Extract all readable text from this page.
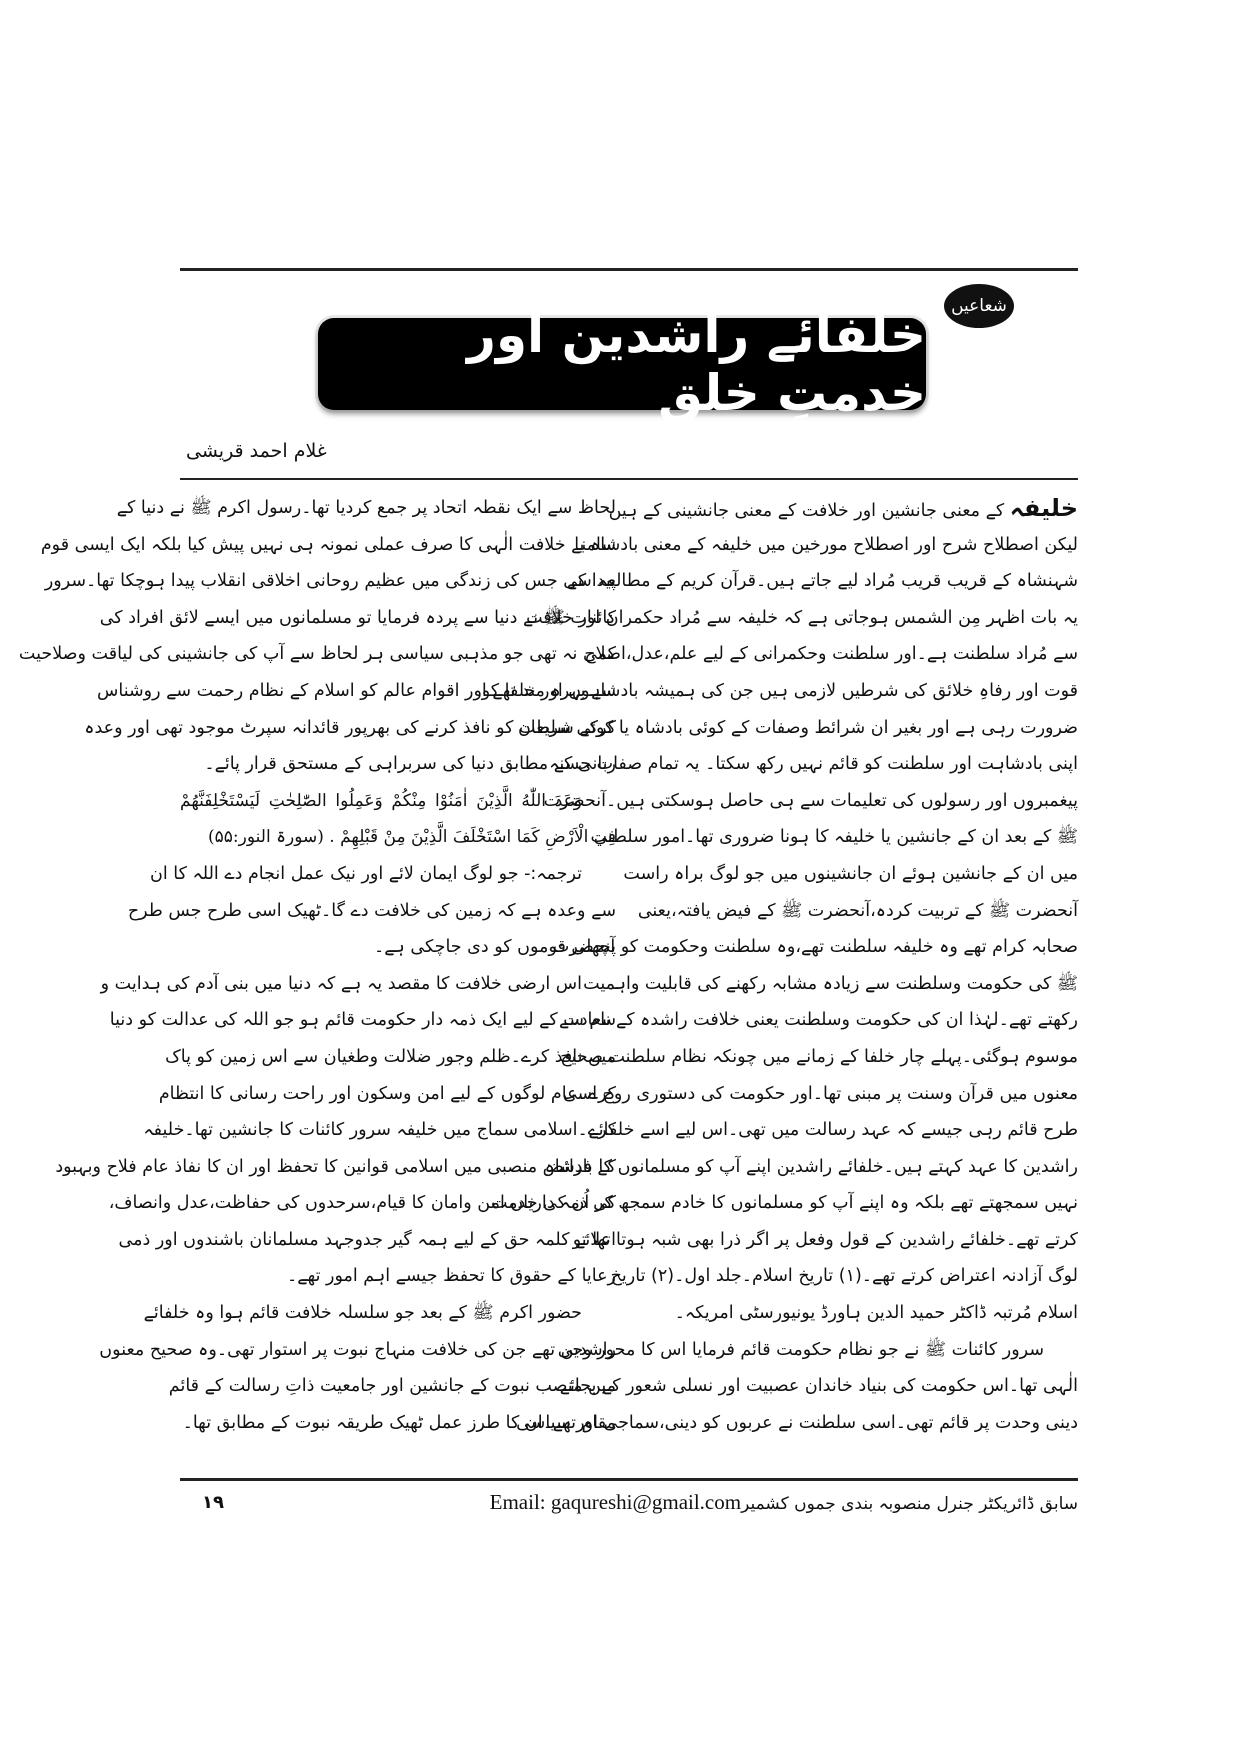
شعاعیں
خلفائے راشدین اور خدمتِ خلق
غلام احمد قریشی
خلیفہ کے معنی جانشین اور خلافت کے معنی جانشینی کے ہیں
لیکن اصطلاح شرح اور اصطلاح مورخین میں خلیفہ کے معنی بادشاہ یا
شہنشاہ کے قریب قریب مُراد لیے جاتے ہیں۔قرآن کریم کے مطالعہ سے
یہ بات اظہر مِن الشمس ہوجاتی ہے کہ خلیفہ سے مُراد حکمران اور خلافت
سے مُراد سلطنت ہے۔اور سلطنت وحکمرانی کے لیے علم،عدل،اصلاح
قوت اور رفاہِ خلائق کی شرطیں لازمی ہیں جن کی ہمیشہ بادشاہوں اور خلفا کو
ضرورت رہی ہے اور بغیر ان شرائط وصفات کے کوئی بادشاہ یا کوئی سلطان
اپنی بادشاہت اور سلطنت کو قائم نہیں رکھ سکتا۔ یہ تمام صفات حسنہ
پیغمبروں اور رسولوں کی تعلیمات سے ہی حاصل ہوسکتی ہیں۔آنحضرت
ﷺ کے بعد ان کے جانشین یا خلیفہ کا ہونا ضروری تھا۔امور سلطنت
میں ان کے جانشین ہوئے ان جانشینوں میں جو لوگ براہ راست
آنحضرت ﷺ کے تربیت کردہ،آنحضرت ﷺ کے فیض یافتہ،یعنی
صحابہ کرام تھے وہ خلیفہ سلطنت تھے،وہ سلطنت وحکومت کو آنحضرت
ﷺ کی حکومت وسلطنت سے زیادہ مشابہ رکھنے کی قابلیت واہمیت
رکھتے تھے۔لہٰذا ان کی حکومت وسلطنت یعنی خلافت راشدہ کے نام سے
موسوم ہوگئی۔پہلے چار خلفا کے زمانے میں چونکہ نظام سلطنت صحیح
معنوں میں قرآن وسنت پر مبنی تھا۔اور حکومت کی دستوری روح اسی
طرح قائم رہی جیسے کہ عہد رسالت میں تھی۔اس لیے اسے خلفائے
راشدین کا عہد کہتے ہیں۔خلفائے راشدین اپنے آپ کو مسلمانوں کا بادشاہ
نہیں سمجھتے تھے بلکہ وہ اپنے آپ کو مسلمانوں کا خادم سمجھ کر اُن کی خدمت
کرتے تھے۔خلفائے راشدین کے قول وفعل پر اگر ذرا بھی شبہ ہوتا تھا تو
لوگ آزادنہ اعتراض کرتے تھے۔(۱) تاریخ اسلام۔جلد اول۔(۲) تاریخ
اسلام مُرتبہ ڈاکٹر حمید الدین ہاورڈ یونیورسٹی امریکہ۔
سرور کائنات ﷺ نے جو نظام حکومت قائم فرمایا اس کا محور وحی
الٰہی تھا۔اس حکومت کی بنیاد خاندان عصبیت اور نسلی شعور کے بجائے
دینی وحدت پر قائم تھی۔اسی سلطنت نے عربوں کو دینی،سماجی اور سیاسی
لحاظ سے ایک نقطہ اتحاد پر جمع کردیا تھا۔رسول اکرم ﷺ نے دنیا کے
سامنے خلافت الٰہی کا صرف عملی نمونہ ہی نہیں پیش کیا بلکہ ایک ایسی قوم
پیدا کی جس کی زندگی میں عظیم روحانی اخلاقی انقلاب پیدا ہوچکا تھا۔سرور
کائنات ﷺ نے دنیا سے پردہ فرمایا تو مسلمانوں میں ایسے لائق افراد کی
کمی نہ تھی جو مذہبی سیاسی ہر لحاظ سے آپ کی جانشینی کی لیاقت وصلاحیت
سے بہرہ مند تھے اور اقوام عالم کو اسلام کے نظام رحمت سے روشناس
کرکے شریعت کو نافذ کرنے کی بھرپور قائدانہ سپرٹ موجود تھی اور وعدہ
ربانی کے مطابق دنیا کی سربراہی کے مستحق قرار پائے۔
وَعَدَ اللّٰهُ الَّذِيْنَ اٰمَنُوْا مِنْكُمْ وَعَمِلُوا الصّٰلِحٰتِ لَيَسْتَخْلِفَنَّهُمْ
فِي الْاَرْضِ كَمَا اسْتَخْلَفَ الَّذِيْنَ مِنْ قَبْلِهِمْ . (سورۃ النور:۵۵)
ترجمہ:- جو لوگ ایمان لائے اور نیک عمل انجام دے اللہ کا ان
سے وعدہ ہے کہ زمین کی خلافت دے گا۔ٹھیک اسی طرح جس طرح
پچھلی قوموں کو دی جاچکی ہے۔
اس ارضی خلافت کا مقصد یہ ہے کہ دنیا میں بنی آدم کی ہدایت و
سعادت کے لیے ایک ذمہ دار حکومت قائم ہو جو اللہ کی عدالت کو دنیا
میں نافذ کرے۔ظلم وجور ضلالت وطغیان سے اس زمین کو پاک
کرے۔عام لوگوں کے لیے امن وسکون اور راحت رسانی کا انتظام
کرے۔اسلامی سماج میں خلیفہ سرور کائنات کا جانشین تھا۔خلیفہ
کے فرائض منصبی میں اسلامی قوانین کا تحفظ اور ان کا نفاذ عام فلاح وبہبود
کی ذمہ داریاں امن وامان کا قیام،سرحدوں کی حفاظت،عدل وانصاف،
اعلائے کلمہ حق کے لیے ہمہ گیر جدوجہد مسلمانان باشندوں اور ذمی
رعایا کے حقوق کا تحفظ جیسے اہم امور تھے۔
حضور اکرم ﷺ کے بعد جو سلسلہ خلافت قائم ہوا وہ خلفائے
راشدین تھے جن کی خلافت منہاج نبوت پر استوار تھی۔وہ صحیح معنوں
میں منصب نبوت کے جانشین اور جامعیت ذاتِ رسالت کے قائم
مقام تھے۔ان کا طرز عمل ٹھیک طریقہ نبوت کے مطابق تھا۔
سابق ڈائریکٹر جنرل منصوبہ بندی جموں کشمیرEmail: gaqureshi@gmail.com
۱۹
